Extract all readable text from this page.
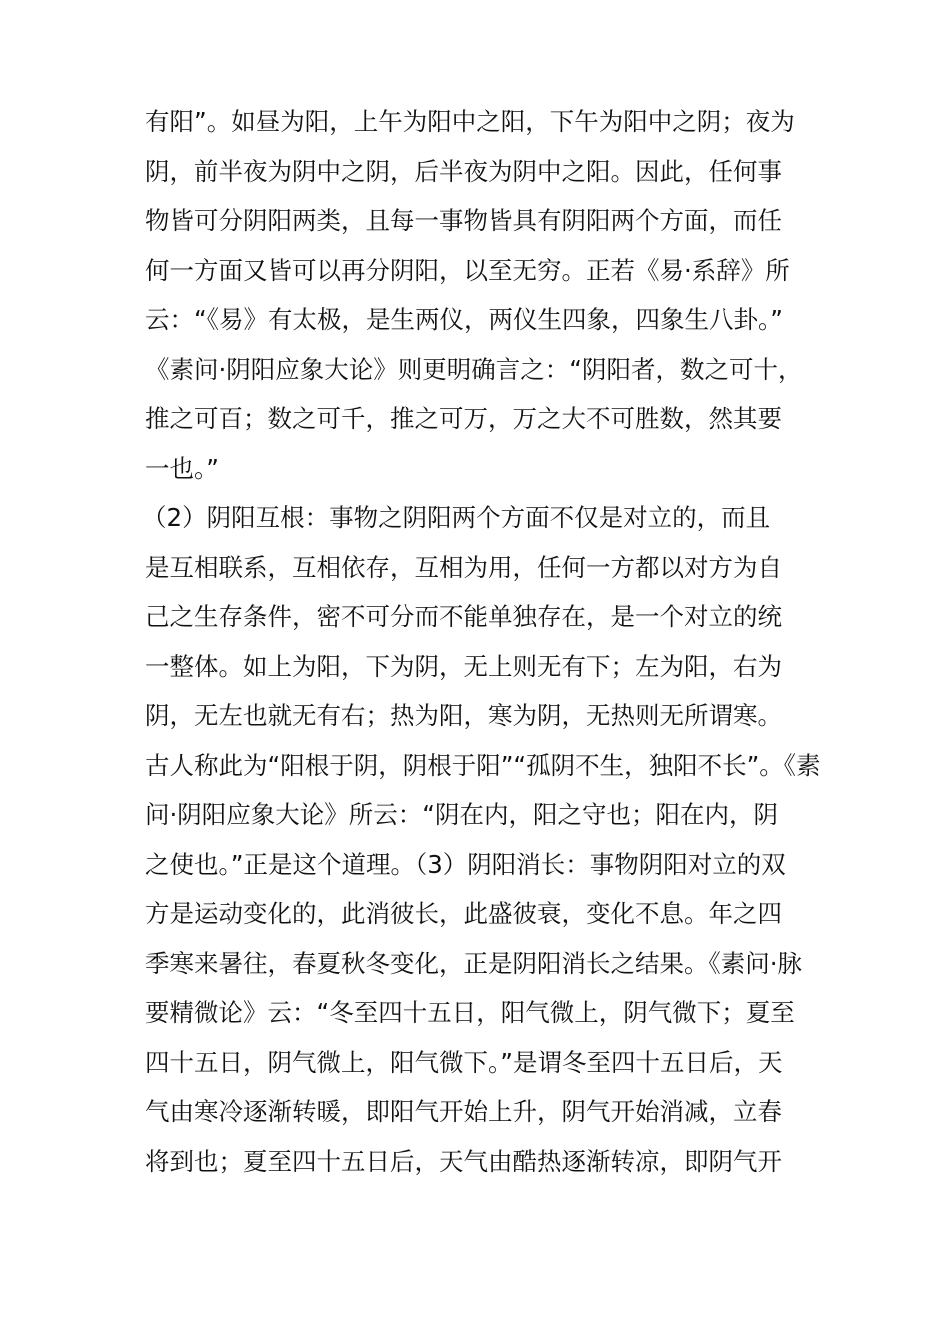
有阳”。如昼为阳，上午为阳中之阳，下午为阳中之阴；夜为
阴，前半夜为阴中之阴，后半夜为阴中之阳。因此，任何事
物皆可分阴阳两类，且每一事物皆具有阴阳两个方面，而任
何一方面又皆可以再分阴阳，以至无穷。正若《易·系辞》所
云：“《易》有太极，是生两仪，两仪生四象，四象生八卦。”
《素问·阴阳应象大论》则更明确言之：“阴阳者，数之可十，
推之可百；数之可千，推之可万，万之大不可胜数，然其要
一也。”
（2）阴阳互根：事物之阴阳两个方面不仅是对立的，而且
是互相联系，互相依存，互相为用，任何一方都以对方为自
己之生存条件，密不可分而不能单独存在，是一个对立的统
一整体。如上为阳，下为阴，无上则无有下；左为阳，右为
阴，无左也就无有右；热为阳，寒为阴，无热则无所谓寒。
古人称此为“阳根于阴，阴根于阳”“孤阴不生，独阳不长”。《素
问·阴阳应象大论》所云：“阴在内，阳之守也；阳在内，阴
之使也。”正是这个道理。（3）阴阳消长：事物阴阳对立的双
方是运动变化的，此消彼长，此盛彼衰，变化不息。年之四
季寒来暑往，春夏秋冬变化，正是阴阳消长之结果。《素问·脉
要精微论》云：“冬至四十五日，阳气微上，阴气微下；夏至
四十五日，阴气微上，阳气微下。”是谓冬至四十五日后，天
气由寒冷逐渐转暖，即阳气开始上升，阴气开始消减，立春
将到也；夏至四十五日后，天气由酷热逐渐转凉，即阴气开
